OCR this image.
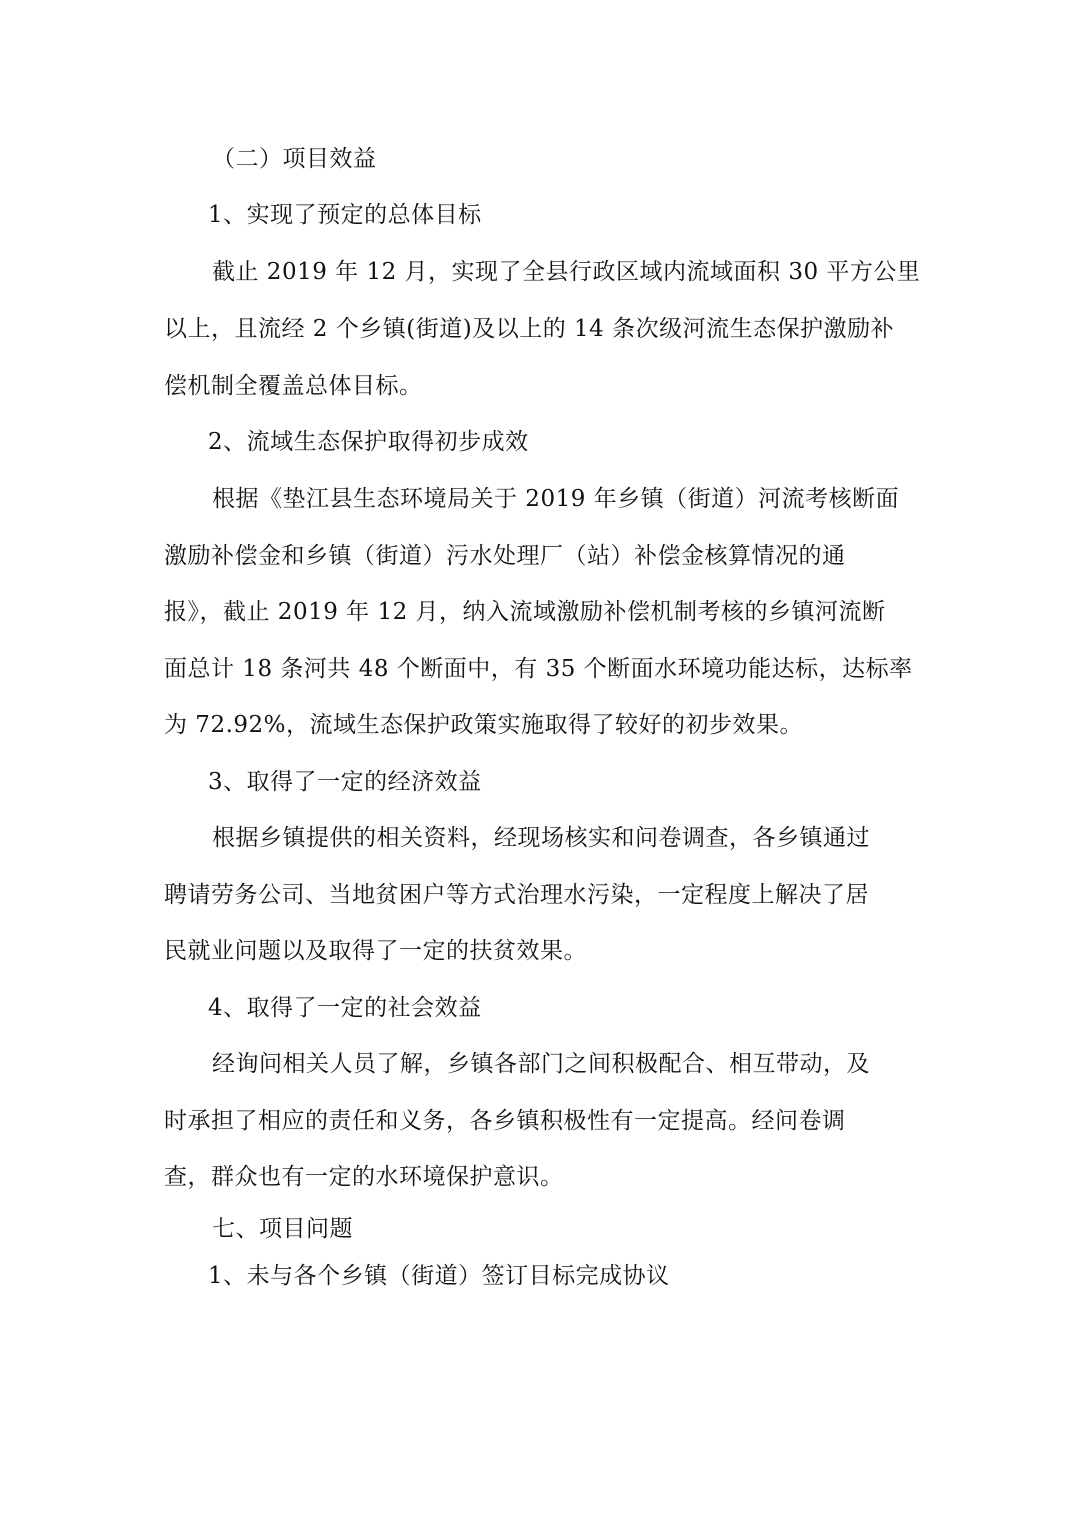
（二）项目效益

1、实现了预定的总体目标

截止 2019 年 12 月，实现了全县行政区域内流域面积 30 平方公里

以上，且流经 2 个乡镇(街道)及以上的 14 条次级河流生态保护激励补

偿机制全覆盖总体目标。

2、流域生态保护取得初步成效

根据《垫江县生态环境局关于 2019 年乡镇（街道）河流考核断面

激励补偿金和乡镇（街道）污水处理厂（站）补偿金核算情况的通

报》，截止 2019 年 12 月，纳入流域激励补偿机制考核的乡镇河流断

面总计 18 条河共 48 个断面中，有 35 个断面水环境功能达标，达标率

为 72.92%，流域生态保护政策实施取得了较好的初步效果。

3、取得了一定的经济效益

根据乡镇提供的相关资料，经现场核实和问卷调查，各乡镇通过

聘请劳务公司、当地贫困户等方式治理水污染，一定程度上解决了居

民就业问题以及取得了一定的扶贫效果。

4、取得了一定的社会效益

经询问相关人员了解，乡镇各部门之间积极配合、相互带动，及

时承担了相应的责任和义务，各乡镇积极性有一定提高。经问卷调

查，群众也有一定的水环境保护意识。

七、项目问题

1、未与各个乡镇（街道）签订目标完成协议
